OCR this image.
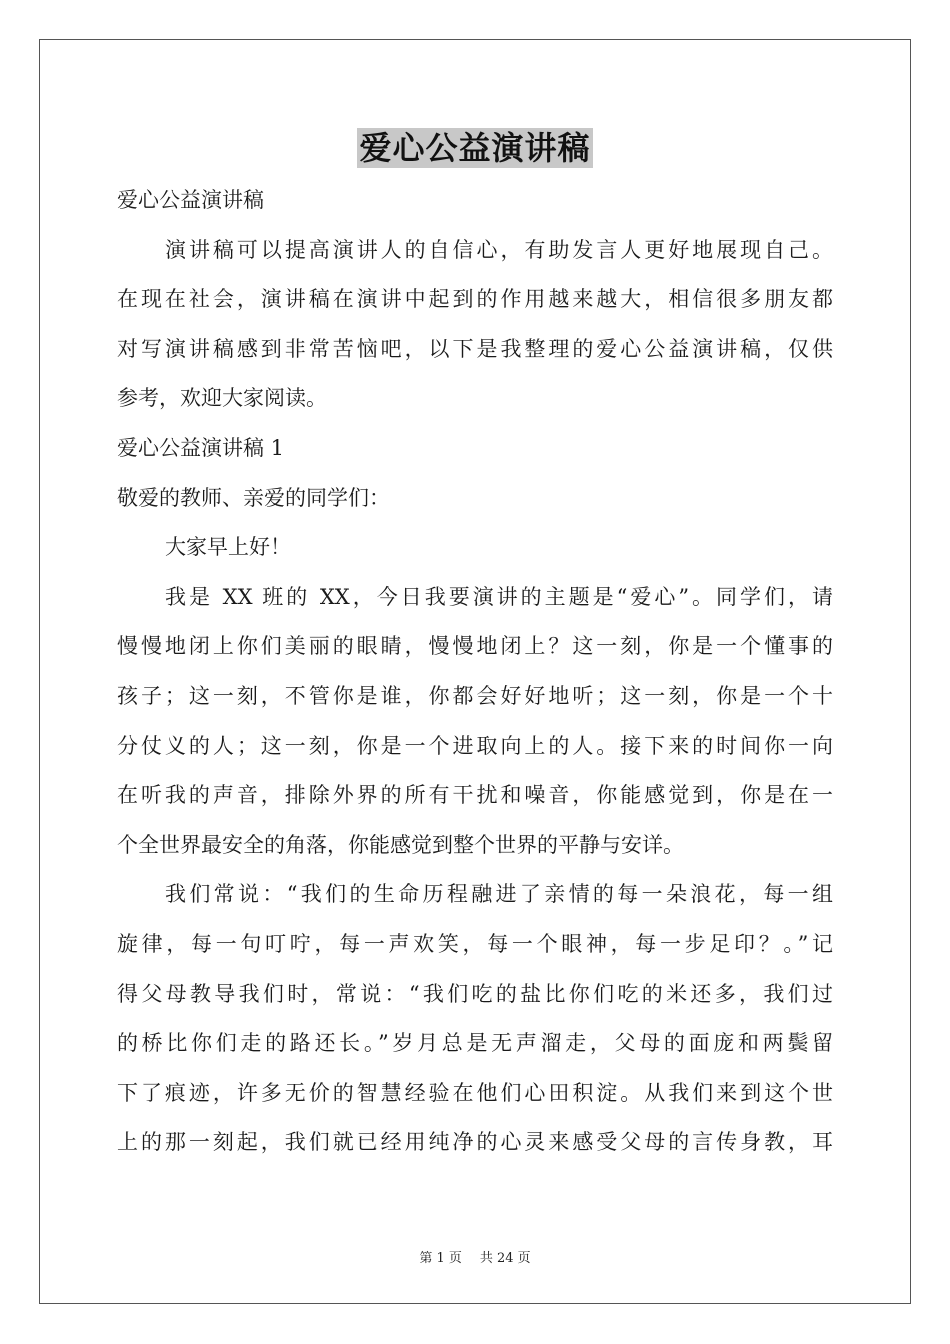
爱心公益演讲稿
爱心公益演讲稿
演讲稿可以提高演讲人的自信心，有助发言人更好地展现自己。
在现在社会，演讲稿在演讲中起到的作用越来越大，相信很多朋友都
对写演讲稿感到非常苦恼吧，以下是我整理的爱心公益演讲稿，仅供
参考，欢迎大家阅读。
爱心公益演讲稿 1
敬爱的教师、亲爱的同学们：
大家早上好！
我是 XX 班的 XX，今日我要演讲的主题是“爱心”。同学们，请
慢慢地闭上你们美丽的眼睛，慢慢地闭上？这一刻，你是一个懂事的
孩子；这一刻，不管你是谁，你都会好好地听；这一刻，你是一个十
分仗义的人；这一刻，你是一个进取向上的人。接下来的时间你一向
在听我的声音，排除外界的所有干扰和噪音，你能感觉到，你是在一
个全世界最安全的角落，你能感觉到整个世界的平静与安详。
我们常说：“我们的生命历程融进了亲情的每一朵浪花，每一组
旋律，每一句叮咛，每一声欢笑，每一个眼神，每一步足印？。”记
得父母教导我们时，常说：“我们吃的盐比你们吃的米还多，我们过
的桥比你们走的路还长。”岁月总是无声溜走，父母的面庞和两鬓留
下了痕迹，许多无价的智慧经验在他们心田积淀。从我们来到这个世
上的那一刻起，我们就已经用纯净的心灵来感受父母的言传身教，耳
第 1 页 共 24 页
